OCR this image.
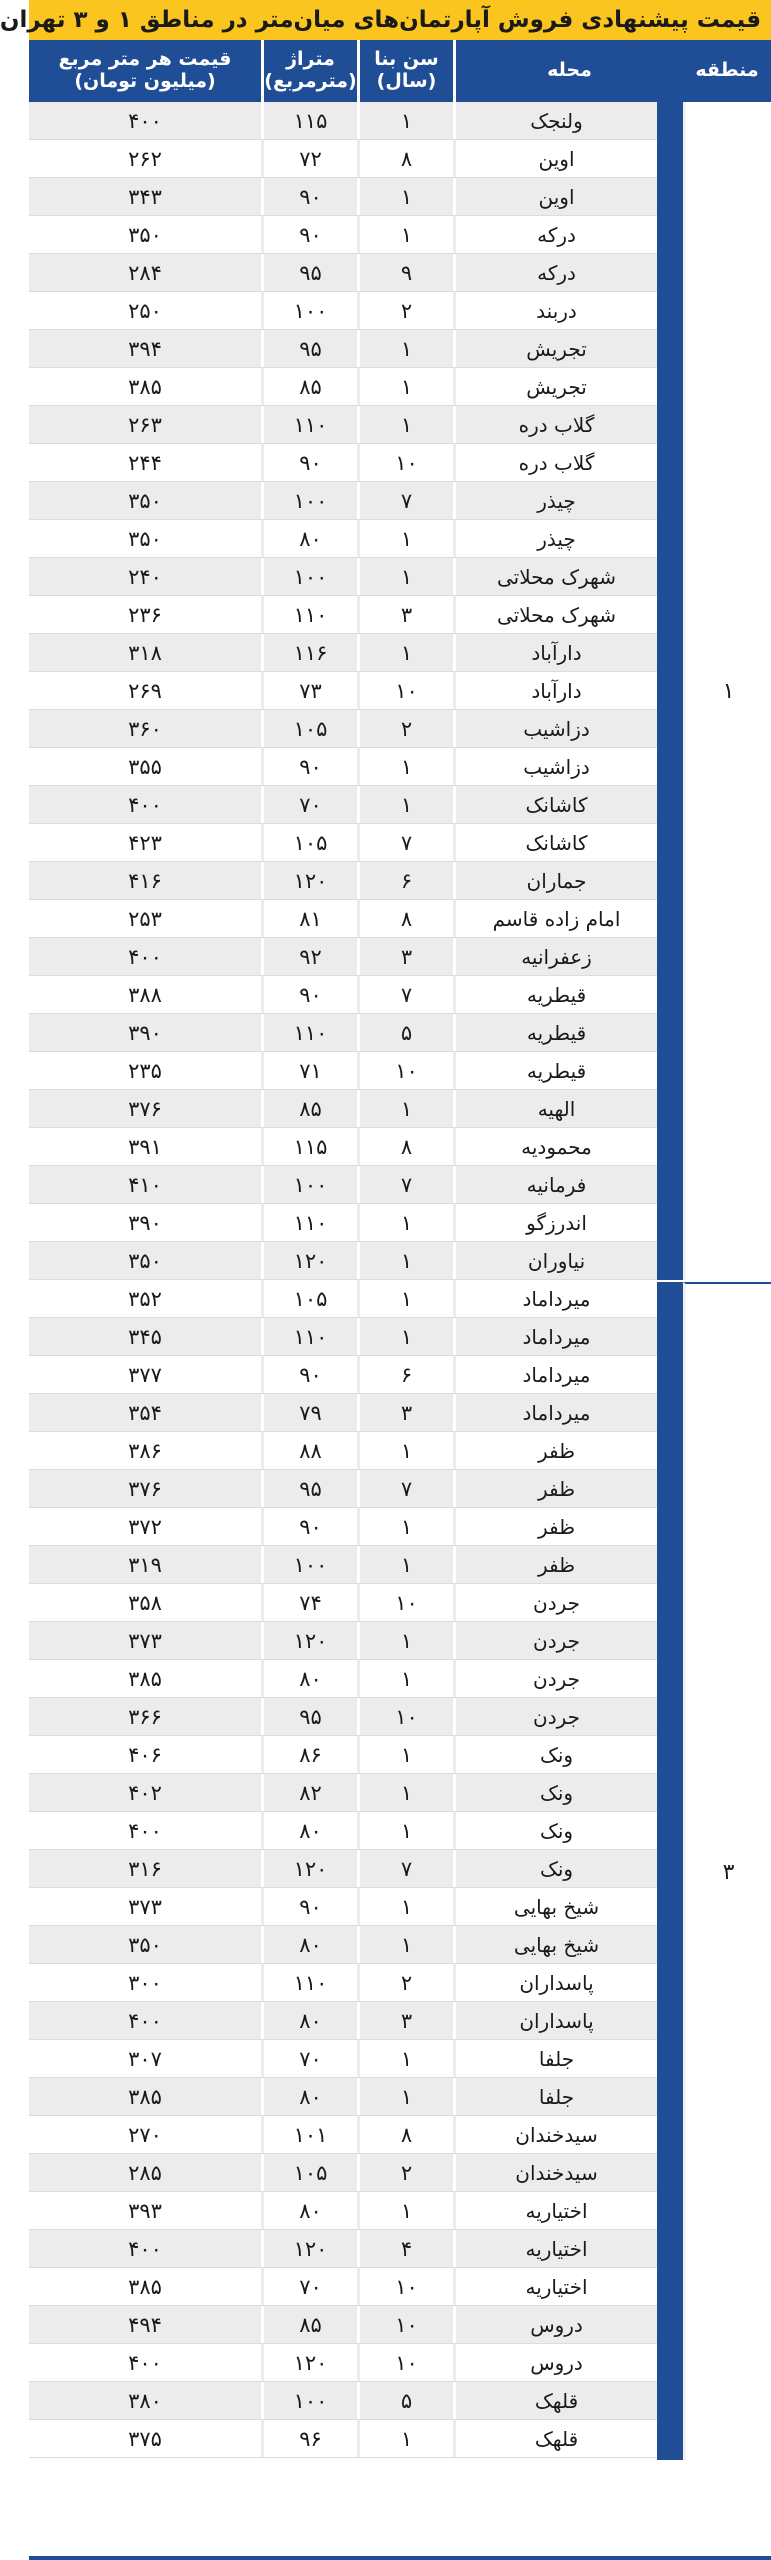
قیمت پیشنهادی فروش آپارتمان‌های میان‌متر در مناطق ۱ و ۳ تهران
منطقه
محله
سن بنا
(سال)
متراژ
(مترمربع)
قیمت هر متر مربع
(میلیون تومان)
۱
۳
ولنجک
۱
۱۱۵
۴۰۰
اوین
۸
۷۲
۲۶۲
اوین
۱
۹۰
۳۴۳
درکه
۱
۹۰
۳۵۰
درکه
۹
۹۵
۲۸۴
دربند
۲
۱۰۰
۲۵۰
تجریش
۱
۹۵
۳۹۴
تجریش
۱
۸۵
۳۸۵
گلاب دره
۱
۱۱۰
۲۶۳
گلاب دره
۱۰
۹۰
۲۴۴
چیذر
۷
۱۰۰
۳۵۰
چیذر
۱
۸۰
۳۵۰
شهرک محلاتی
۱
۱۰۰
۲۴۰
شهرک محلاتی
۳
۱۱۰
۲۳۶
دارآباد
۱
۱۱۶
۳۱۸
دارآباد
۱۰
۷۳
۲۶۹
دزاشیب
۲
۱۰۵
۳۶۰
دزاشیب
۱
۹۰
۳۵۵
کاشانک
۱
۷۰
۴۰۰
کاشانک
۷
۱۰۵
۴۲۳
جماران
۶
۱۲۰
۴۱۶
امام زاده قاسم
۸
۸۱
۲۵۳
زعفرانیه
۳
۹۲
۴۰۰
قیطریه
۷
۹۰
۳۸۸
قیطریه
۵
۱۱۰
۳۹۰
قیطریه
۱۰
۷۱
۲۳۵
الهیه
۱
۸۵
۳۷۶
محمودیه
۸
۱۱۵
۳۹۱
فرمانیه
۷
۱۰۰
۴۱۰
اندرزگو
۱
۱۱۰
۳۹۰
نیاوران
۱
۱۲۰
۳۵۰
میرداماد
۱
۱۰۵
۳۵۲
میرداماد
۱
۱۱۰
۳۴۵
میرداماد
۶
۹۰
۳۷۷
میرداماد
۳
۷۹
۳۵۴
ظفر
۱
۸۸
۳۸۶
ظفر
۷
۹۵
۳۷۶
ظفر
۱
۹۰
۳۷۲
ظفر
۱
۱۰۰
۳۱۹
جردن
۱۰
۷۴
۳۵۸
جردن
۱
۱۲۰
۳۷۳
جردن
۱
۸۰
۳۸۵
جردن
۱۰
۹۵
۳۶۶
ونک
۱
۸۶
۴۰۶
ونک
۱
۸۲
۴۰۲
ونک
۱
۸۰
۴۰۰
ونک
۷
۱۲۰
۳۱۶
شیخ بهایی
۱
۹۰
۳۷۳
شیخ بهایی
۱
۸۰
۳۵۰
پاسداران
۲
۱۱۰
۳۰۰
پاسداران
۳
۸۰
۴۰۰
جلفا
۱
۷۰
۳۰۷
جلفا
۱
۸۰
۳۸۵
سیدخندان
۸
۱۰۱
۲۷۰
سیدخندان
۲
۱۰۵
۲۸۵
اختیاریه
۱
۸۰
۳۹۳
اختیاریه
۴
۱۲۰
۴۰۰
اختیاریه
۱۰
۷۰
۳۸۵
دروس
۱۰
۸۵
۴۹۴
دروس
۱۰
۱۲۰
۴۰۰
قلهک
۵
۱۰۰
۳۸۰
قلهک
۱
۹۶
۳۷۵
